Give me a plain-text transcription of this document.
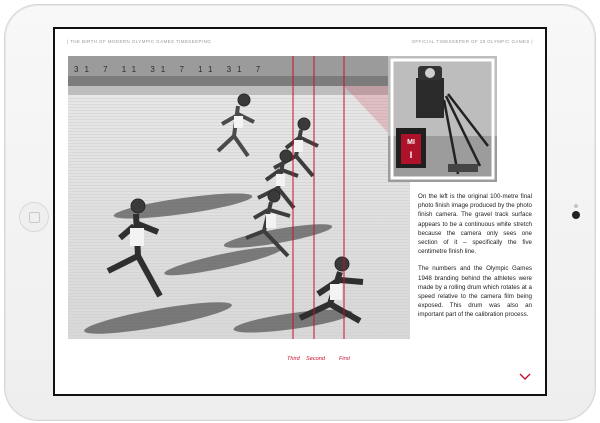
| THE BIRTH OF MODERN OLYMPIC GAMES TIMEKEEPING	OFFICIAL TIMEKEEPER OF 28 OLYMPIC GAMES |
31 7 11 31 7 11 31 7
MI
I
Third Second	First

On the left is the original 100-metre final photo finish image produced by the photo finish camera. The gravel track surface appears to be a continuous white stretch because the camera only sees one section of it – specifically the five centimetre finish line.

The numbers and the Olympic Games 1948 branding behind the athletes were made by a rolling drum which rotates at a speed relative to the camera film being exposed. This drum was also an important part of the calibration process.
